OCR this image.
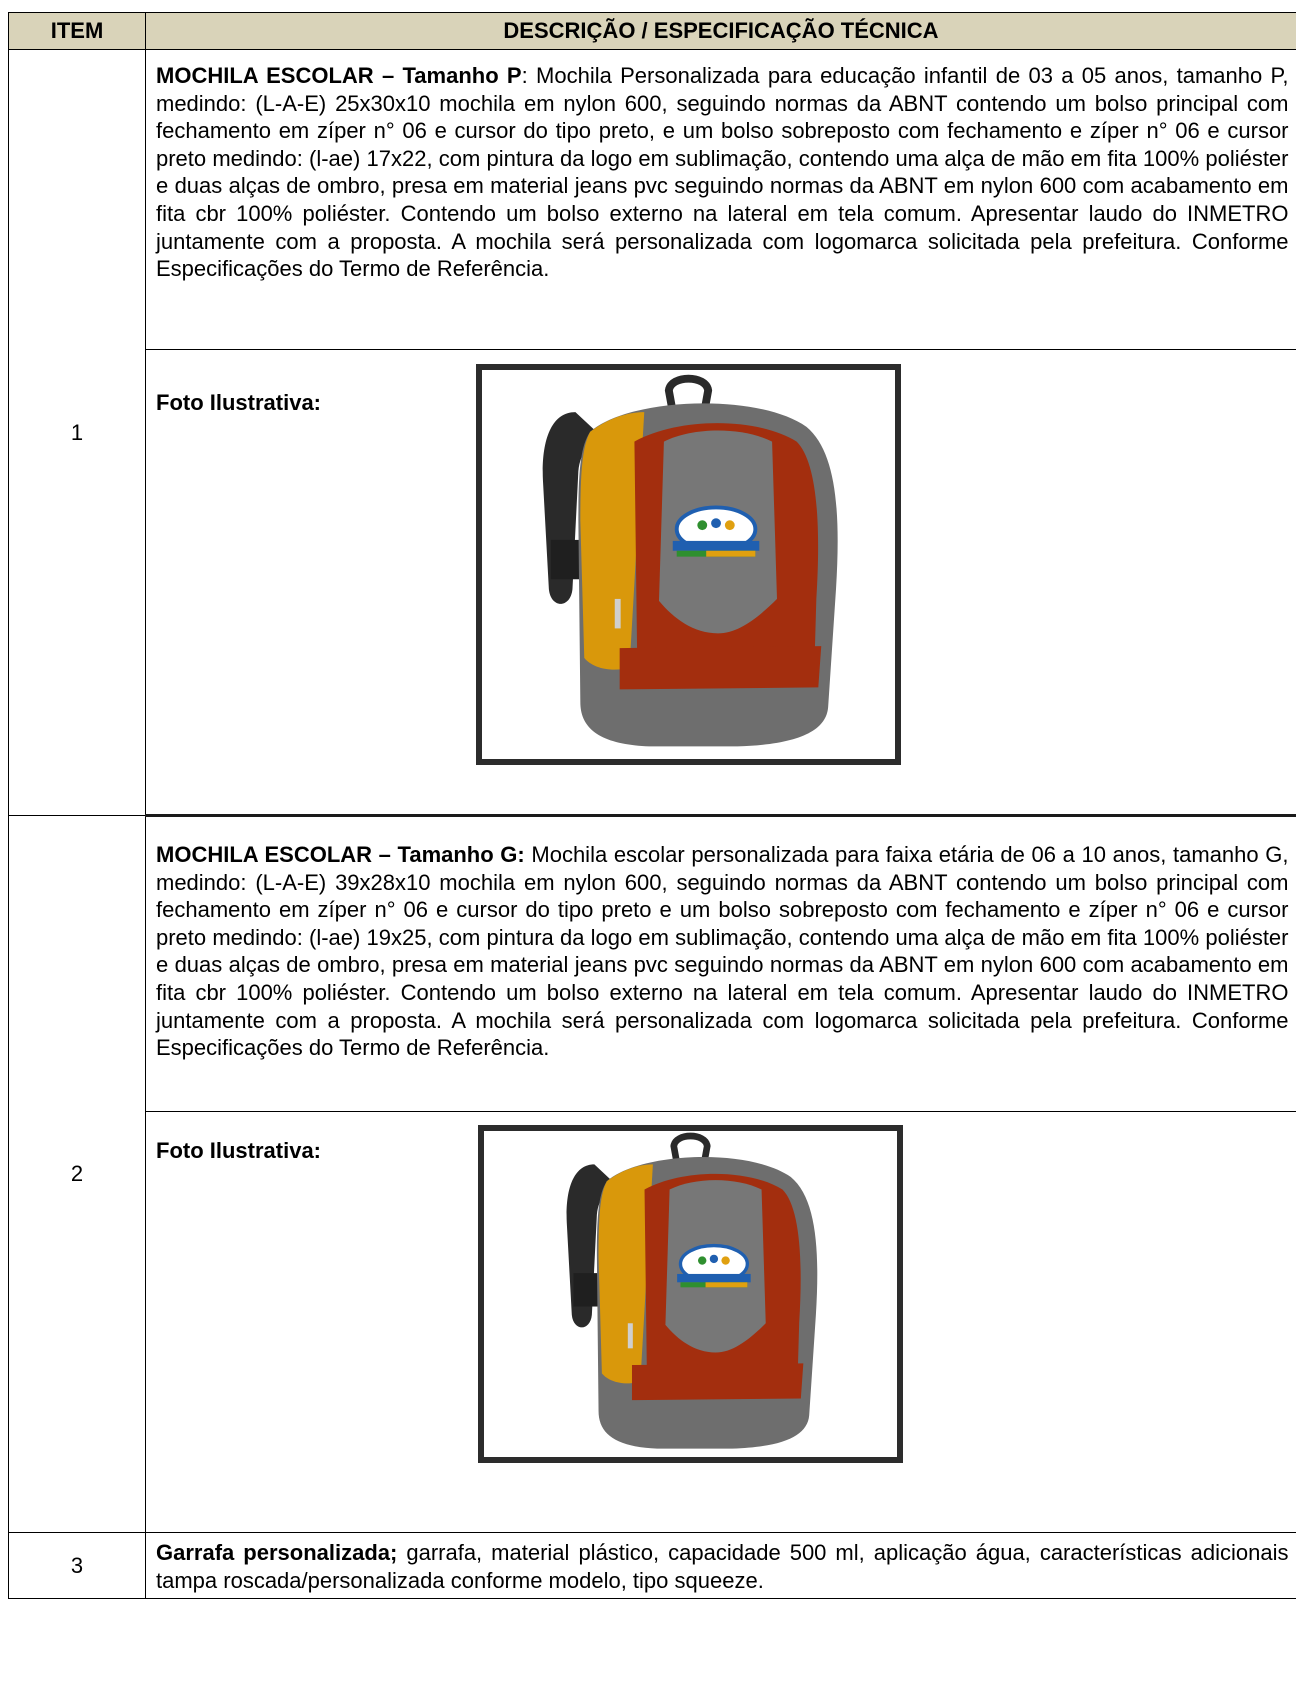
ITEM	DESCRIÇÃO / ESPECIFICAÇÃO TÉCNICA
1	MOCHILA ESCOLAR – Tamanho P: Mochila Personalizada para educação infantil de 03 a 05 anos, tamanho P, medindo: (L-A-E) 25x30x10 mochila em nylon 600, seguindo normas da ABNT contendo um bolso principal com fechamento em zíper n° 06 e cursor do tipo preto, e um bolso sobreposto com fechamento e zíper n° 06 e cursor preto medindo: (l-ae) 17x22, com pintura da logo em sublimação, contendo uma alça de mão em fita 100% poliéster e duas alças de ombro, presa em material jeans pvc seguindo normas da ABNT em nylon 600 com acabamento em fita cbr 100% poliéster. Contendo um bolso externo na lateral em tela comum. Apresentar laudo do INMETRO juntamente com a proposta. A mochila será personalizada com logomarca solicitada pela prefeitura. Conforme Especificações do Termo de Referência.

	Foto Ilustrativa:

2	MOCHILA ESCOLAR – Tamanho G: Mochila escolar personalizada para faixa etária de 06 a 10 anos, tamanho G, medindo: (L-A-E) 39x28x10 mochila em nylon 600, seguindo normas da ABNT contendo um bolso principal com fechamento em zíper n° 06 e cursor do tipo preto e um bolso sobreposto com fechamento e zíper n° 06 e cursor preto medindo: (l-ae) 19x25, com pintura da logo em sublimação, contendo uma alça de mão em fita 100% poliéster e duas alças de ombro, presa em material jeans pvc seguindo normas da ABNT em nylon 600 com acabamento em fita cbr 100% poliéster. Contendo um bolso externo na lateral em tela comum. Apresentar laudo do INMETRO juntamente com a proposta. A mochila será personalizada com logomarca solicitada pela prefeitura. Conforme Especificações do Termo de Referência.

	Foto Ilustrativa:

3	Garrafa personalizada; garrafa, material plástico, capacidade 500 ml, aplicação água, características adicionais tampa roscada/personalizada conforme modelo, tipo squeeze.
